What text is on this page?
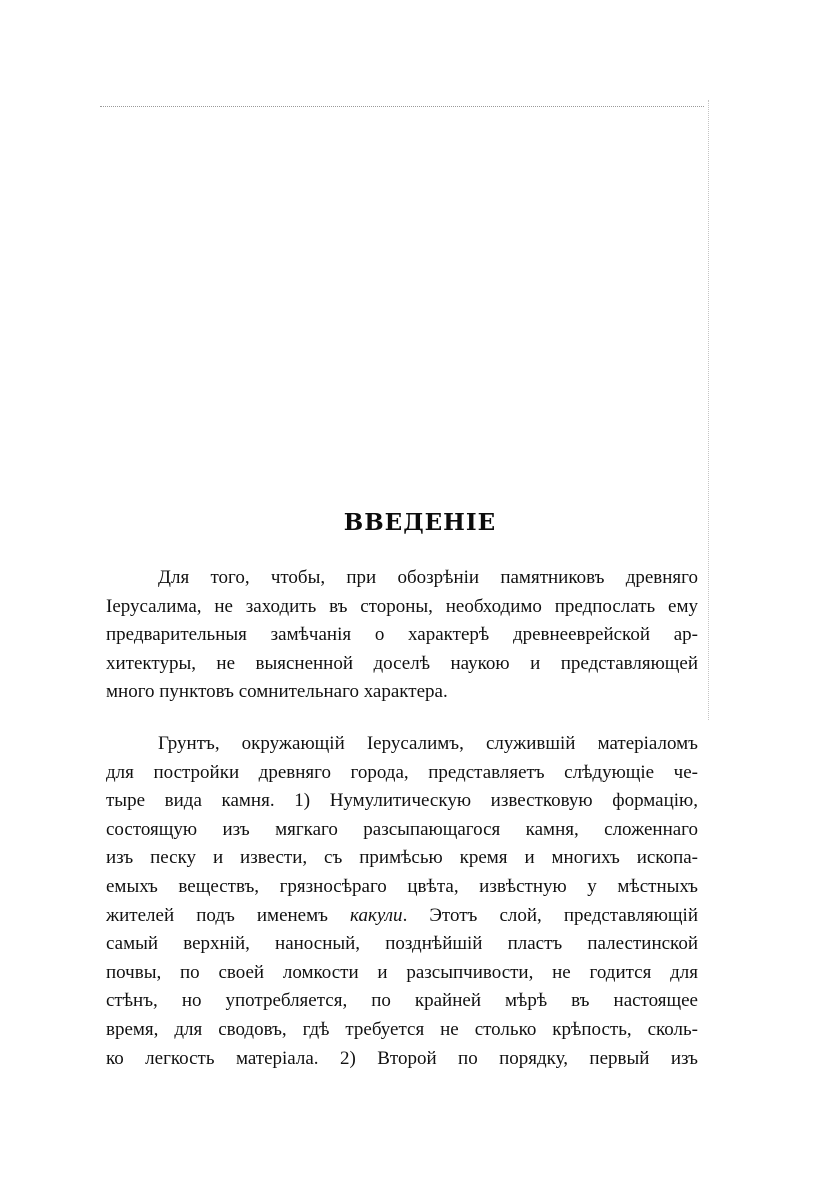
ВВЕДЕНІЕ
Для того, чтобы, при обозрѣніи памятниковъ древняго
Іерусалима, не заходить въ стороны, необходимо предпослать ему
предварительныя замѣчанія о характерѣ древнееврейской ар-
хитектуры, не выясненной доселѣ наукою и представляющей
много пунктовъ сомнительнаго характера.
Грунтъ, окружающій Іерусалимъ, служившій матеріаломъ
для постройки древняго города, представляетъ слѣдующіе че-
тыре вида камня. 1) Нумулитическую известковую формацію,
состоящую изъ мягкаго разсыпающагося камня, сложеннаго
изъ песку и извести, съ примѣсью кремя и многихъ ископа-
емыхъ веществъ, грязносѣраго цвѣта, извѣстную у мѣстныхъ
жителей подъ именемъ какули. Этотъ слой, представляющій
самый верхній, наносный, позднѣйшій пластъ палестинской
почвы, по своей ломкости и разсыпчивости, не годится для
стѣнъ, но употребляется, по крайней мѣрѣ въ настоящее
время, для сводовъ, гдѣ требуется не столько крѣпость, сколь-
ко легкость матеріала. 2) Второй по порядку, первый изъ
